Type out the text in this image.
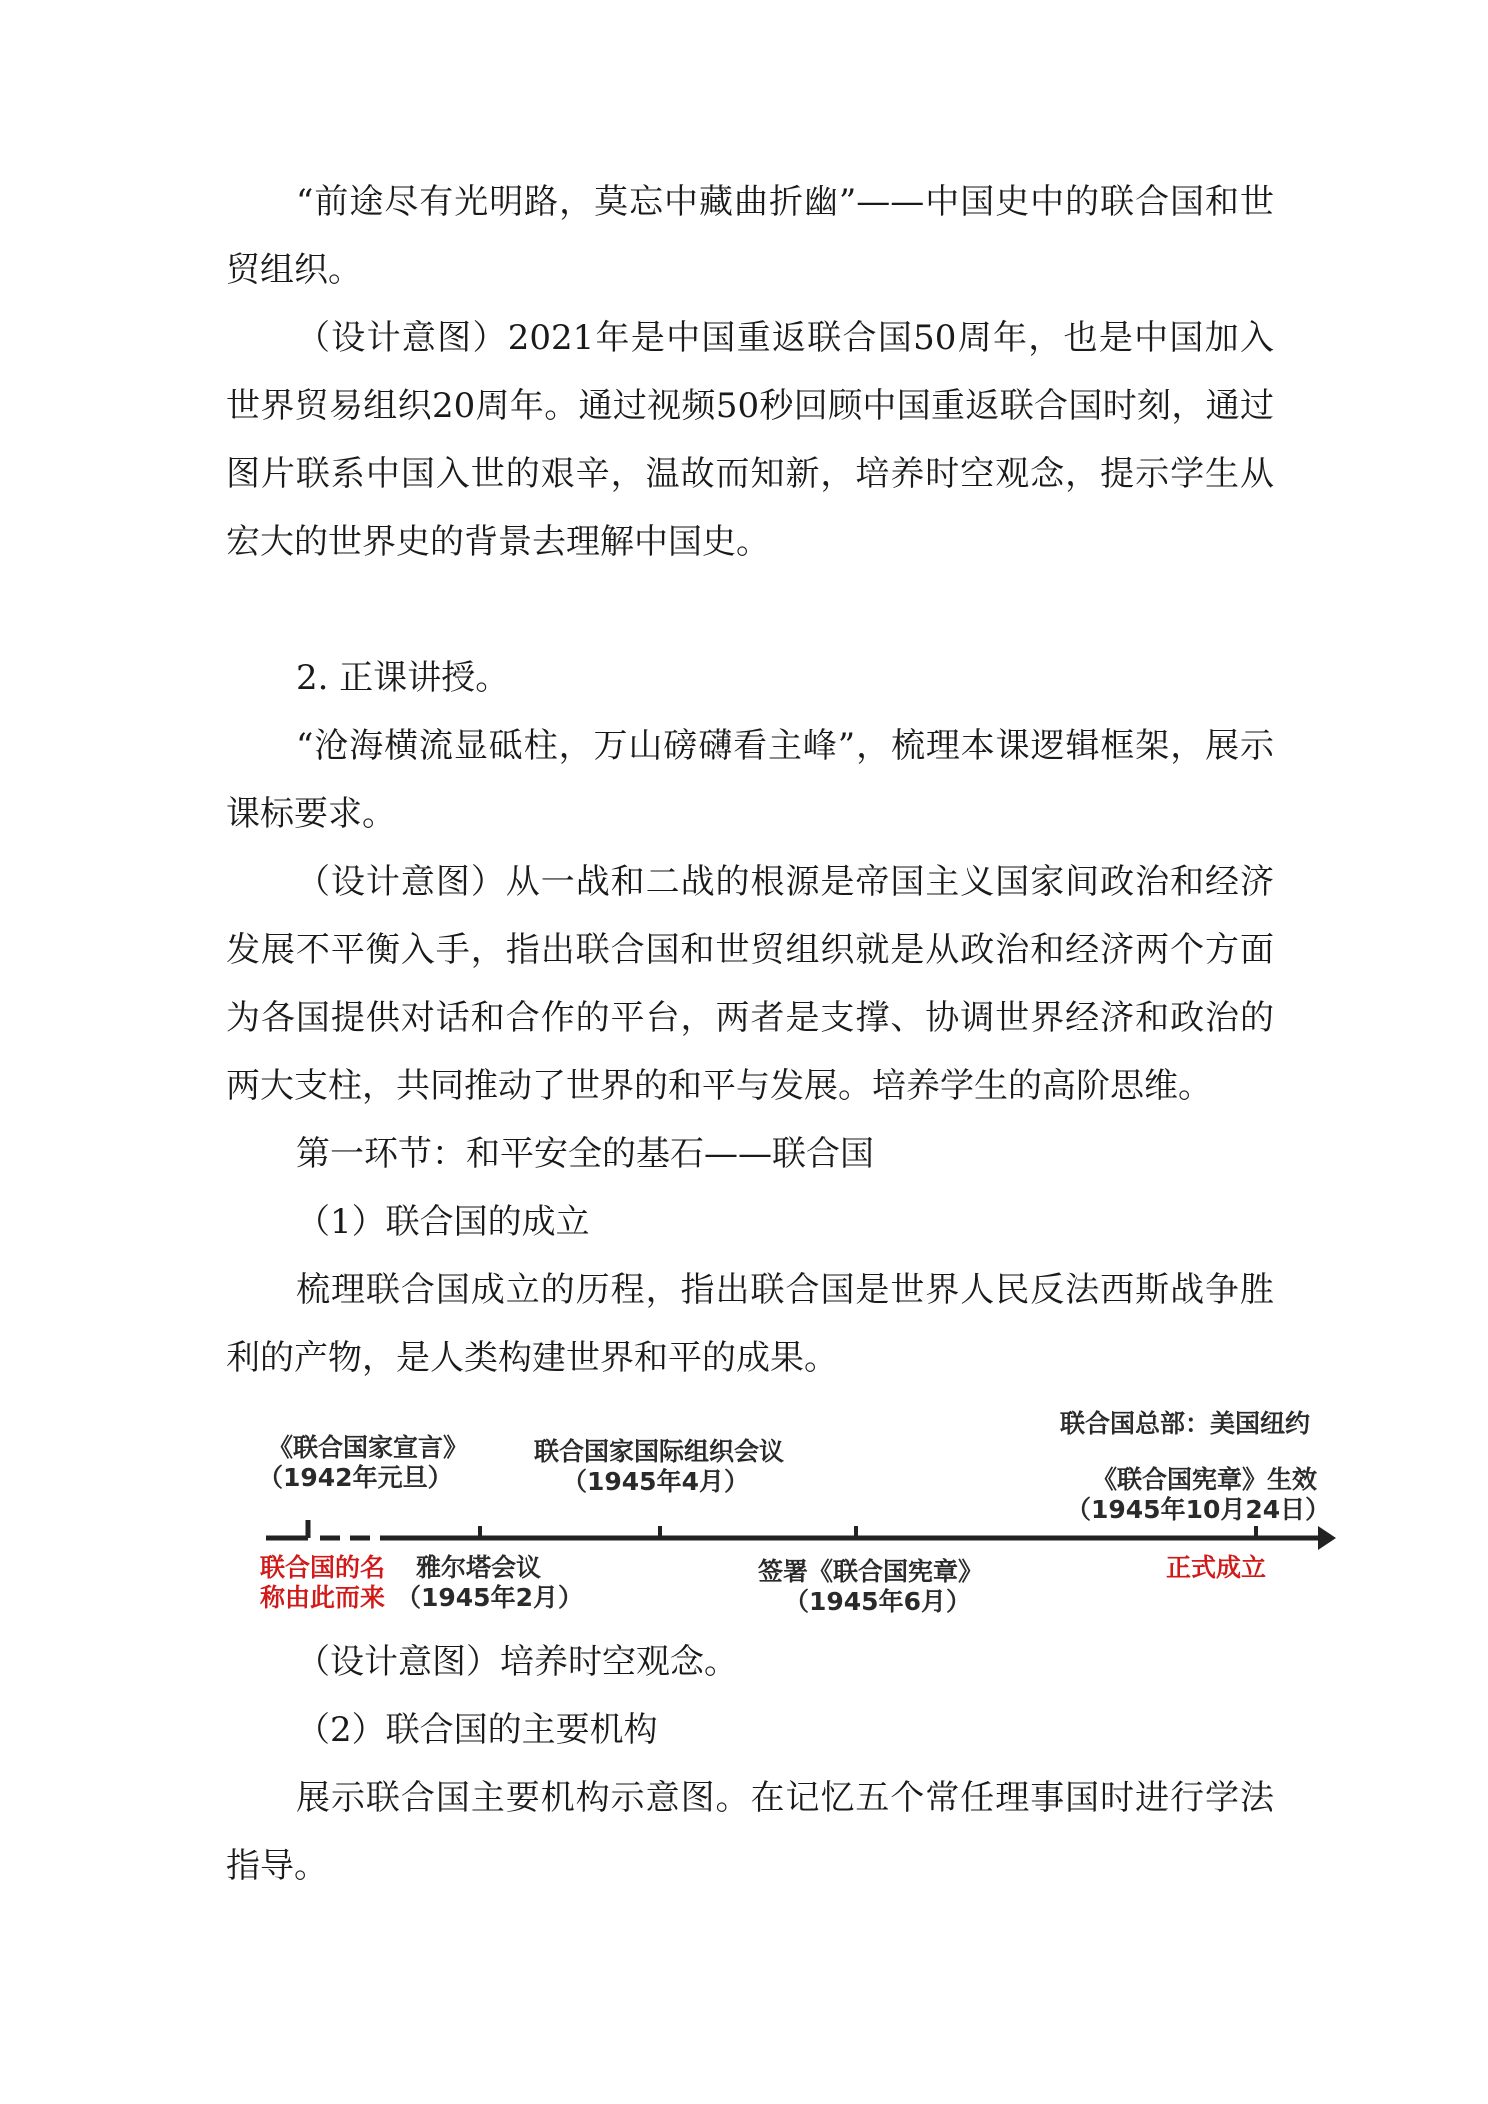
“前途尽有光明路，莫忘中藏曲折幽”——中国史中的联合国和世贸组织。

（设计意图）2021年是中国重返联合国50周年，也是中国加入世界贸易组织20周年。通过视频50秒回顾中国重返联合国时刻，通过图片联系中国入世的艰辛，温故而知新，培养时空观念，提示学生从宏大的世界史的背景去理解中国史。

2. 正课讲授。

“沧海横流显砥柱，万山磅礴看主峰”，梳理本课逻辑框架，展示课标要求。

（设计意图）从一战和二战的根源是帝国主义国家间政治和经济发展不平衡入手，指出联合国和世贸组织就是从政治和经济两个方面为各国提供对话和合作的平台，两者是支撑、协调世界经济和政治的两大支柱，共同推动了世界的和平与发展。培养学生的高阶思维。

第一环节：和平安全的基石——联合国
（1）联合国的成立

梳理联合国成立的历程，指出联合国是世界人民反法西斯战争胜利的产物，是人类构建世界和平的成果。

《联合国家宣言》
（1942年元旦）
联合国家国际组织会议
（1945年4月）
联合国总部：美国纽约
《联合国宪章》生效
（1945年10月24日）
联合国的名
称由此而来
雅尔塔会议
（1945年2月）
签署《联合国宪章》
（1945年6月）
正式成立
（设计意图）培养时空观念。
（2）联合国的主要机构

展示联合国主要机构示意图。在记忆五个常任理事国时进行学法指导。
